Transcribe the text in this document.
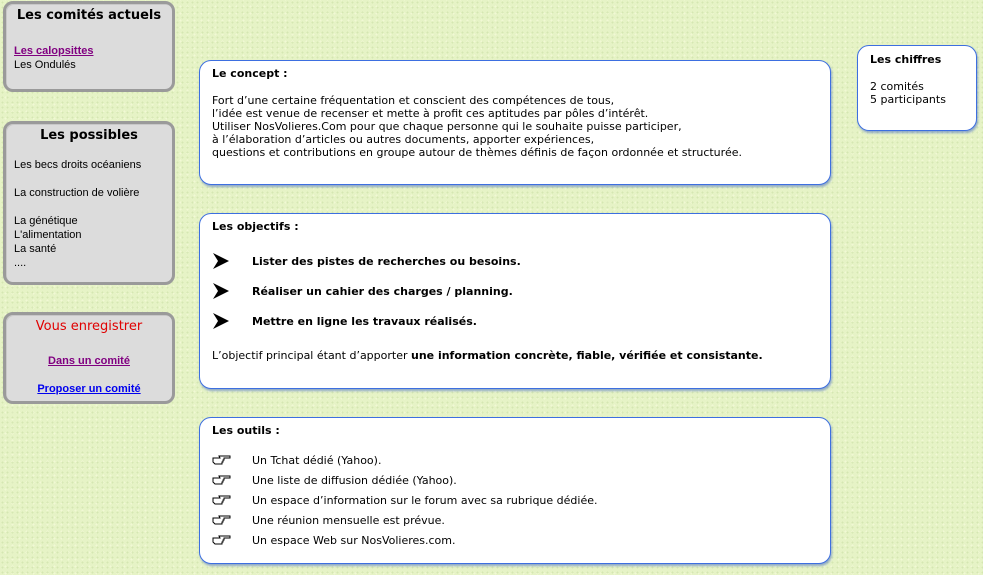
Les comités actuels
Les calopsittes
Les Ondulés
Les possibles
Les becs droits océaniens
La construction de volière
La génétique
L'alimentation
La santé
....
Vous enregistrer
Dans un comité
Proposer un comité
Les chiffres
2 comités
5 participants
Le concept :
Fort d’une certaine fréquentation et conscient des compétences de tous,
l’idée est venue de recenser et mette à profit ces aptitudes par pôles d’intérêt.
Utiliser NosVolieres.Com pour que chaque personne qui le souhaite puisse participer,
à l’élaboration d’articles ou autres documents, apporter expériences,
questions et contributions en groupe autour de thèmes définis de façon ordonnée et structurée.
Les objectifs :
Lister des pistes de recherches ou besoins.
Réaliser un cahier des charges / planning.
Mettre en ligne les travaux réalisés.
L’objectif principal étant d’apporter une information concrète, fiable, vérifiée et consistante.
Les outils :
Un Tchat dédié (Yahoo).
Une liste de diffusion dédiée (Yahoo).
Un espace d’information sur le forum avec sa rubrique dédiée.
Une réunion mensuelle est prévue.
Un espace Web sur NosVolieres.com.
